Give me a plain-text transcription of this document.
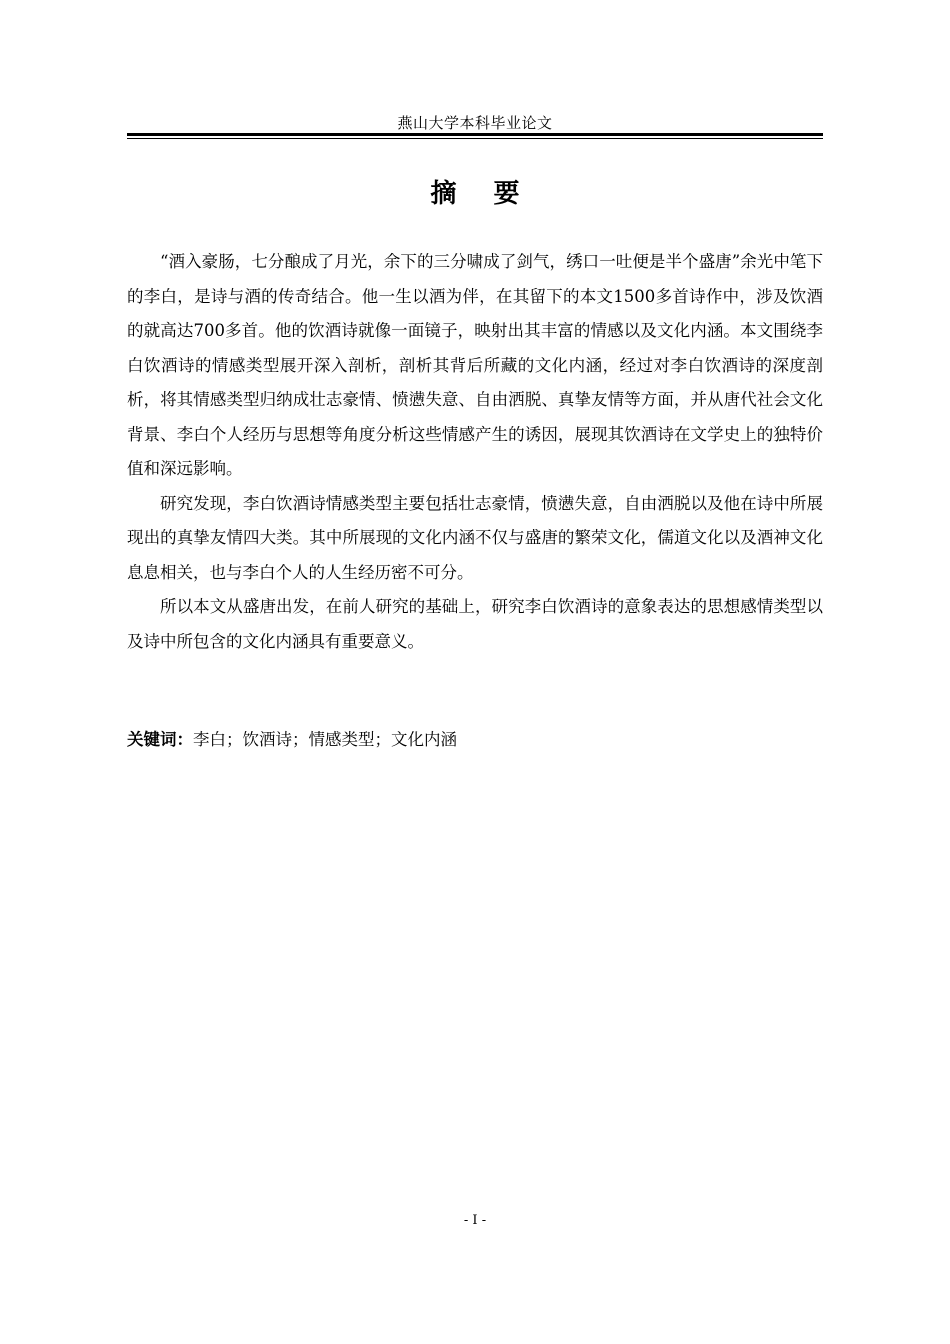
燕山大学本科毕业论文
摘 要

“酒入豪肠，七分酿成了月光，余下的三分啸成了剑气，绣口一吐便是半个盛唐”余光中笔下的李白，是诗与酒的传奇结合。他一生以酒为伴，在其留下的本文1500多首诗作中，涉及饮酒的就高达700多首。他的饮酒诗就像一面镜子，映射出其丰富的情感以及文化内涵。本文围绕李白饮酒诗的情感类型展开深入剖析，剖析其背后所藏的文化内涵，经过对李白饮酒诗的深度剖析，将其情感类型归纳成壮志豪情、愤懑失意、自由洒脱、真挚友情等方面，并从唐代社会文化背景、李白个人经历与思想等角度分析这些情感产生的诱因，展现其饮酒诗在文学史上的独特价值和深远影响。

研究发现，李白饮酒诗情感类型主要包括壮志豪情，愤懑失意，自由洒脱以及他在诗中所展现出的真挚友情四大类。其中所展现的文化内涵不仅与盛唐的繁荣文化，儒道文化以及酒神文化息息相关，也与李白个人的人生经历密不可分。

所以本文从盛唐出发，在前人研究的基础上，研究李白饮酒诗的意象表达的思想感情类型以及诗中所包含的文化内涵具有重要意义。

关键词：李白；饮酒诗；情感类型；文化内涵
- I -
